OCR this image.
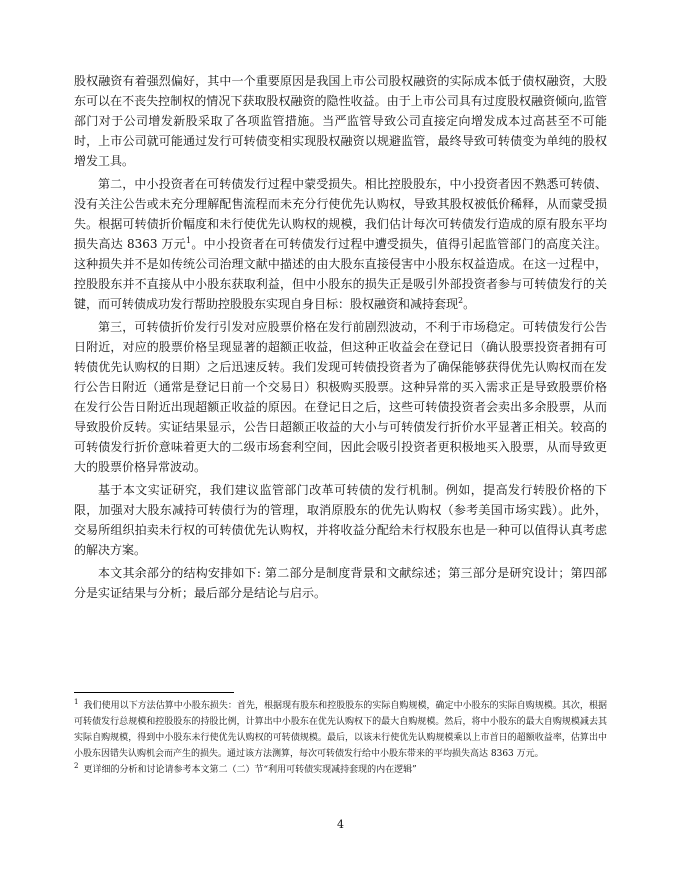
股权融资有着强烈偏好，其中一个重要原因是我国上市公司股权融资的实际成本低于债权融资，大股东可以在不丧失控制权的情况下获取股权融资的隐性收益。由于上市公司具有过度股权融资倾向,监管部门对于公司增发新股采取了各项监管措施。当严监管导致公司直接定向增发成本过高甚至不可能时，上市公司就可能通过发行可转债变相实现股权融资以规避监管，最终导致可转债变为单纯的股权增发工具。

第二，中小投资者在可转债发行过程中蒙受损失。相比控股股东，中小投资者因不熟悉可转债、没有关注公告或未充分理解配售流程而未充分行使优先认购权，导致其股权被低价稀释，从而蒙受损失。根据可转债折价幅度和未行使优先认购权的规模，我们估计每次可转债发行造成的原有股东平均损失高达 8363 万元$^1$。中小投资者在可转债发行过程中遭受损失，值得引起监管部门的高度关注。这种损失并不是如传统公司治理文献中描述的由大股东直接侵害中小股东权益造成。在这一过程中，控股股东并不直接从中小股东获取利益，但中小股东的损失正是吸引外部投资者参与可转债发行的关键，而可转债成功发行帮助控股股东实现自身目标：股权融资和减持套现$^2$。

第三，可转债折价发行引发对应股票价格在发行前剧烈波动，不利于市场稳定。可转债发行公告日附近，对应的股票价格呈现显著的超额正收益，但这种正收益会在登记日（确认股票投资者拥有可转债优先认购权的日期）之后迅速反转。我们发现可转债投资者为了确保能够获得优先认购权而在发行公告日附近（通常是登记日前一个交易日）积极购买股票。这种异常的买入需求正是导致股票价格在发行公告日附近出现超额正收益的原因。在登记日之后，这些可转债投资者会卖出多余股票，从而导致股价反转。实证结果显示，公告日超额正收益的大小与可转债发行折价水平显著正相关。较高的可转债发行折价意味着更大的二级市场套利空间，因此会吸引投资者更积极地买入股票，从而导致更大的股票价格异常波动。

基于本文实证研究，我们建议监管部门改革可转债的发行机制。例如，提高发行转股价格的下限，加强对大股东减持可转债行为的管理，取消原股东的优先认购权（参考美国市场实践）。此外，交易所组织拍卖未行权的可转债优先认购权，并将收益分配给未行权股东也是一种可以值得认真考虑的解决方案。

本文其余部分的结构安排如下: 第二部分是制度背景和文献综述；第三部分是研究设计；第四部分是实证结果与分析；最后部分是结论与启示。

$^1$ 我们使用以下方法估算中小股东损失：首先，根据现有股东和控股股东的实际自购规模，确定中小股东的实际自购规模。其次，根据可转债发行总规模和控股股东的持股比例，计算出中小股东在优先认购权下的最大自购规模。然后，将中小股东的最大自购规模减去其实际自购规模，得到中小股东未行使优先认购权的可转债规模。最后，以该未行使优先认购规模乘以上市首日的超额收益率，估算出中小股东因错失认购机会而产生的损失。通过该方法测算，每次可转债发行给中小股东带来的平均损失高达 8363 万元。

$^2$ 更详细的分析和讨论请参考本文第二（二）节“利用可转债实现减持套现的内在逻辑”

4
